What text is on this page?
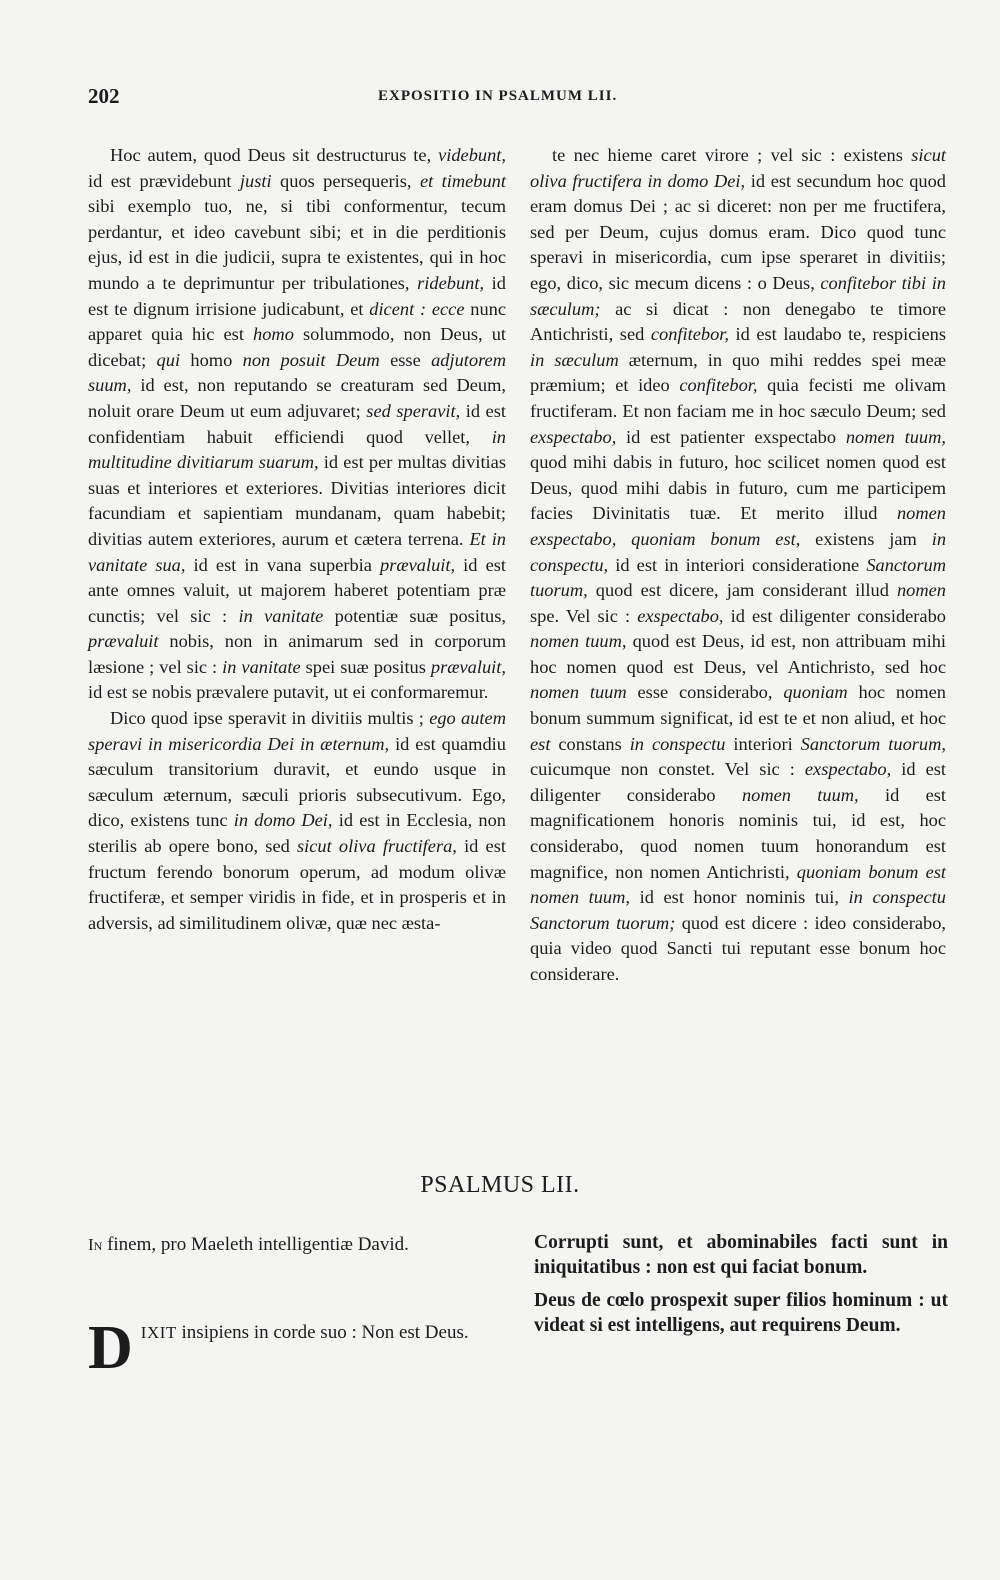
202	EXPOSITIO IN PSALMUM LII.

Hoc autem, quod Deus sit destructurus te, videbunt, id est prævidebunt justi quos persequeris, et timebunt sibi exemplo tuo, ne, si tibi conformentur, tecum perdantur, et ideo cavebunt sibi; et in die perditionis ejus, id est in die judicii, supra te existentes, qui in hoc mundo a te deprimuntur per tribulationes, ridebunt, id est te dignum irrisione judicabunt, et dicent : ecce nunc apparet quia hic est homo solummodo, non Deus, ut dicebat; qui homo non posuit Deum esse adjutorem suum, id est, non reputando se creaturam sed Deum, noluit orare Deum ut eum adjuvaret; sed speravit, id est confidentiam habuit efficiendi quod vellet, in multitudine divitiarum suarum, id est per multas divitias suas et interiores et exteriores. Divitias interiores dicit facundiam et sapientiam mundanam, quam habebit; divitias autem exteriores, aurum et cætera terrena. Et in vanitate sua, id est in vana superbia prævaluit, id est ante omnes valuit, ut majorem haberet potentiam præ cunctis; vel sic : in vanitate potentiæ suæ positus, prævaluit nobis, non in animarum sed in corporum læsione ; vel sic : in vanitate spei suæ positus prævaluit, id est se nobis prævalere putavit, ut ei conformaremur.

Dico quod ipse speravit in divitiis multis ; ego autem speravi in misericordia Dei in æternum, id est quamdiu sæculum transitorium duravit, et eundo usque in sæculum æternum, sæculi prioris subsecutivum. Ego, dico, existens tunc in domo Dei, id est in Ecclesia, non sterilis ab opere bono, sed sicut oliva fructifera, id est fructum ferendo bonorum operum, ad modum olivæ fructiferæ, et semper viridis in fide, et in prosperis et in adversis, ad similitudinem olivæ, quæ nec æsta-

te nec hieme caret virore ; vel sic : existens sicut oliva fructifera in domo Dei, id est secundum hoc quod eram domus Dei ; ac si diceret: non per me fructifera, sed per Deum, cujus domus eram. Dico quod tunc speravi in misericordia, cum ipse speraret in divitiis; ego, dico, sic mecum dicens : o Deus, confitebor tibi in sæculum; ac si dicat : non denegabo te timore Antichristi, sed confitebor, id est laudabo te, respiciens in sæculum æternum, in quo mihi reddes spei meæ præmium; et ideo confitebor, quia fecisti me olivam fructiferam. Et non faciam me in hoc sæculo Deum; sed exspectabo, id est patienter exspectabo nomen tuum, quod mihi dabis in futuro, hoc scilicet nomen quod est Deus, quod mihi dabis in futuro, cum me participem facies Divinitatis tuæ. Et merito illud nomen exspectabo, quoniam bonum est, existens jam in conspectu, id est in interiori consideratione Sanctorum tuorum, quod est dicere, jam considerant illud nomen spe. Vel sic : exspectabo, id est diligenter considerabo nomen tuum, quod est Deus, id est, non attribuam mihi hoc nomen quod est Deus, vel Antichristo, sed hoc nomen tuum esse considerabo, quoniam hoc nomen bonum summum significat, id est te et non aliud, et hoc est constans in conspectu interiori Sanctorum tuorum, cuicumque non constet. Vel sic : exspectabo, id est diligenter considerabo nomen tuum, id est magnificationem honoris nominis tui, id est, hoc considerabo, quod nomen tuum honorandum est magnifice, non nomen Antichristi, quoniam bonum est nomen tuum, id est honor nominis tui, in conspectu Sanctorum tuorum; quod est dicere : ideo considerabo, quia video quod Sancti tui reputant esse bonum hoc considerare.

PSALMUS LII.
In finem, pro Maeleth intelligentiæ David.
DIXIT insipiens in corde suo : Non est Deus.
Corrupti sunt, et abominabiles facti sunt in iniquitatibus : non est qui faciat bonum.
Deus de cœlo prospexit super filios hominum : ut videat si est intelligens, aut requirens Deum.
